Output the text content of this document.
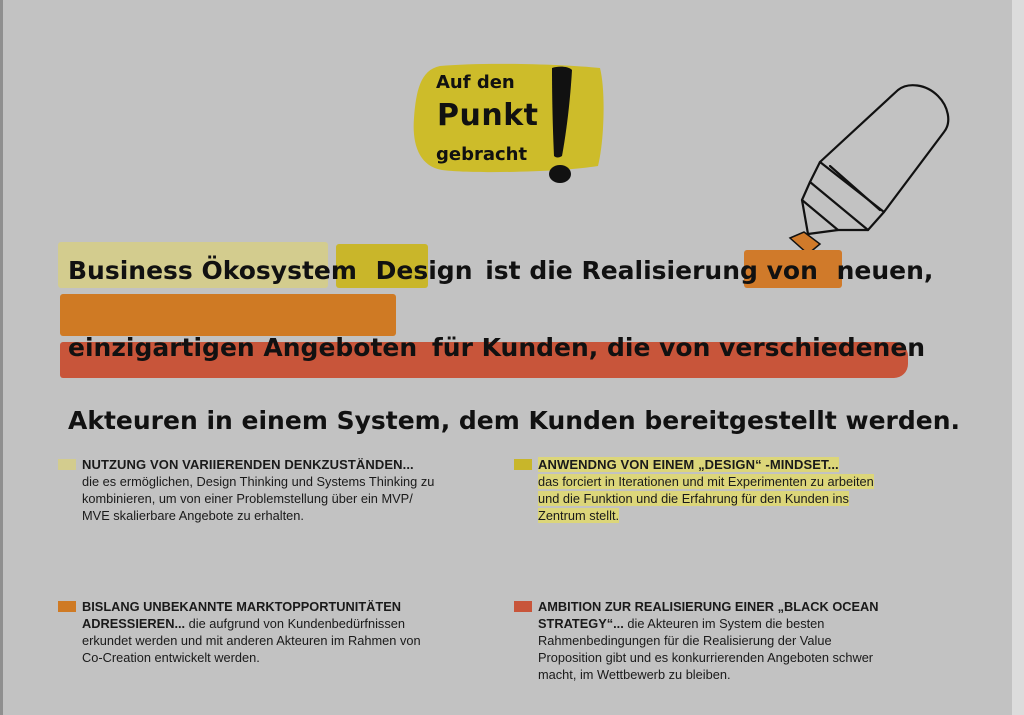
Auf den
Punkt
gebracht
Business Ökosystem Design ist die Realisierung von neuen,
einzigartigen Angeboten für Kunden, die von verschiedenen
Akteuren in einem System, dem Kunden bereitgestellt werden.
NUTZUNG VON VARIIERENDEN DENKZUSTÄNDEN...
die es ermöglichen, Design Thinking und Systems Thinking zu kombinieren, um von einer Problemstellung über ein MVP/ MVE skalierbare Angebote zu erhalten.
ANWENDNG VON EINEM „DESIGN“ -MINDSET...
das forciert in Iterationen und mit Experimenten zu arbeiten und die Funktion und die Erfahrung für den Kunden ins Zentrum stellt.
BISLANG UNBEKANNTE MARKTOPPORTUNITÄTEN ADRESSIEREN... die aufgrund von Kundenbedürfnissen erkundet werden und mit anderen Akteuren im Rahmen von Co-Creation entwickelt werden.
AMBITION ZUR REALISIERUNG EINER „BLACK OCEAN STRATEGY“... die Akteuren im System die besten Rahmenbedingungen für die Realisierung der Value Proposition gibt und es konkurrierenden Angeboten schwer macht, im Wettbewerb zu bleiben.
